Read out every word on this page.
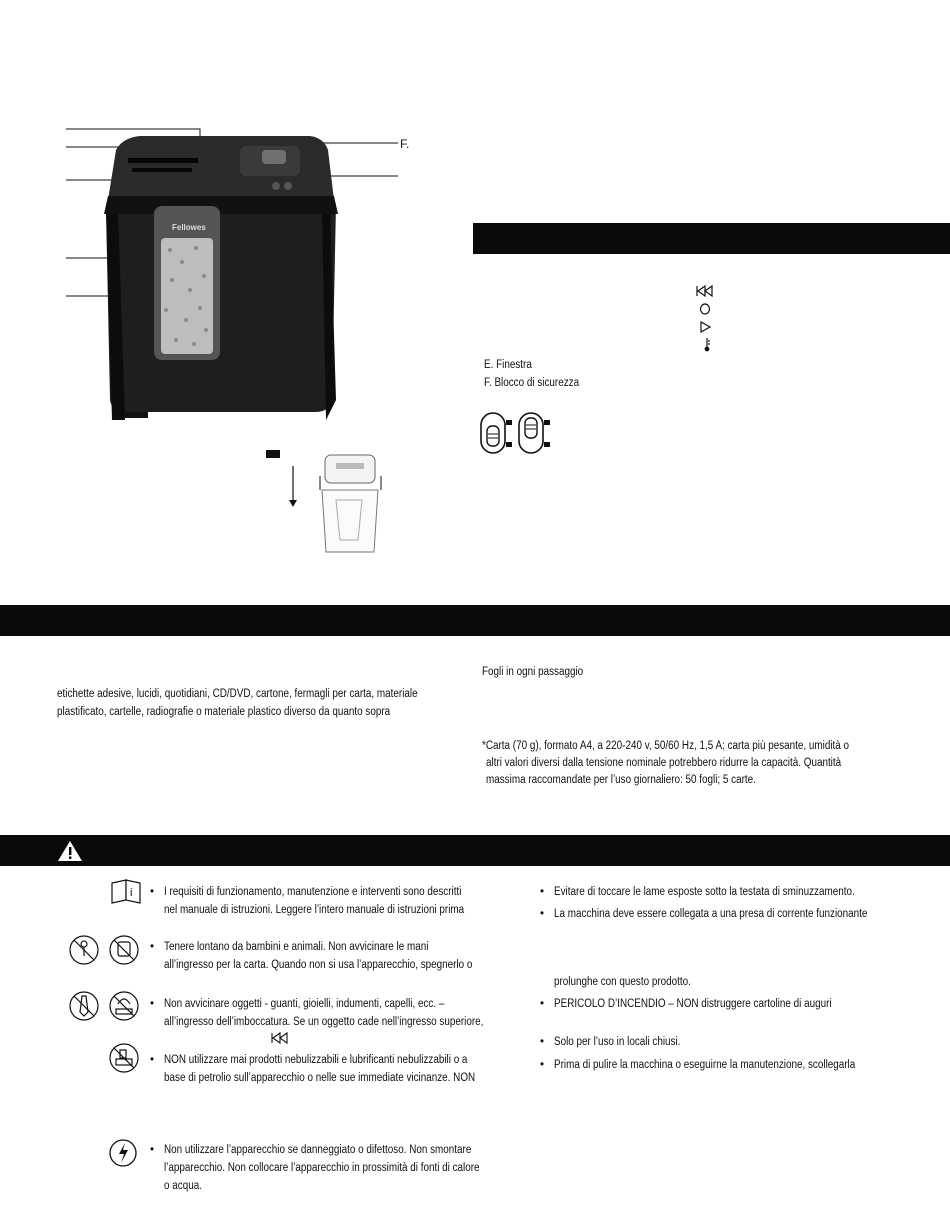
Fellowes
F.
E. Finestra
F. Blocco di sicurezza
etichette adesive, lucidi, quotidiani, CD/DVD, cartone, fermagli per carta, materiale
plastificato, cartelle, radiografie o materiale plastico diverso da quanto sopra
Fogli in ogni passaggio
*Carta (70 g), formato A4, a 220-240 v, 50/60 Hz, 1,5 A; carta più pesante, umidità o
altri valori diversi dalla tensione nominale potrebbero ridurre la capacità. Quantità
massima raccomandate per l’uso giornaliero: 50 fogli; 5 carte.
i • I requisiti di funzionamento, manutenzione e interventi sono descritti
nel manuale di istruzioni. Leggere l’intero manuale di istruzioni prima
• Tenere lontano da bambini e animali. Non avvicinare le mani
all’ingresso per la carta. Quando non si usa l’apparecchio, spegnerlo o
• Non avvicinare oggetti - guanti, gioielli, indumenti, capelli, ecc. –
all’ingresso dell’imboccatura. Se un oggetto cade nell’ingresso superiore,
• NON utilizzare mai prodotti nebulizzabili e lubrificanti nebulizzabili o a
base di petrolio sull’apparecchio o nelle sue immediate vicinanze. NON
• Non utilizzare l’apparecchio se danneggiato o difettoso. Non smontare
l’apparecchio. Non collocare l’apparecchio in prossimità di fonti di calore
o acqua.
• Evitare di toccare le lame esposte sotto la testata di sminuzzamento.
• La macchina deve essere collegata a una presa di corrente funzionante
prolunghe con questo prodotto.
• PERICOLO D’INCENDIO – NON distruggere cartoline di auguri
• Solo per l’uso in locali chiusi.
• Prima di pulire la macchina o eseguirne la manutenzione, scollegarla
